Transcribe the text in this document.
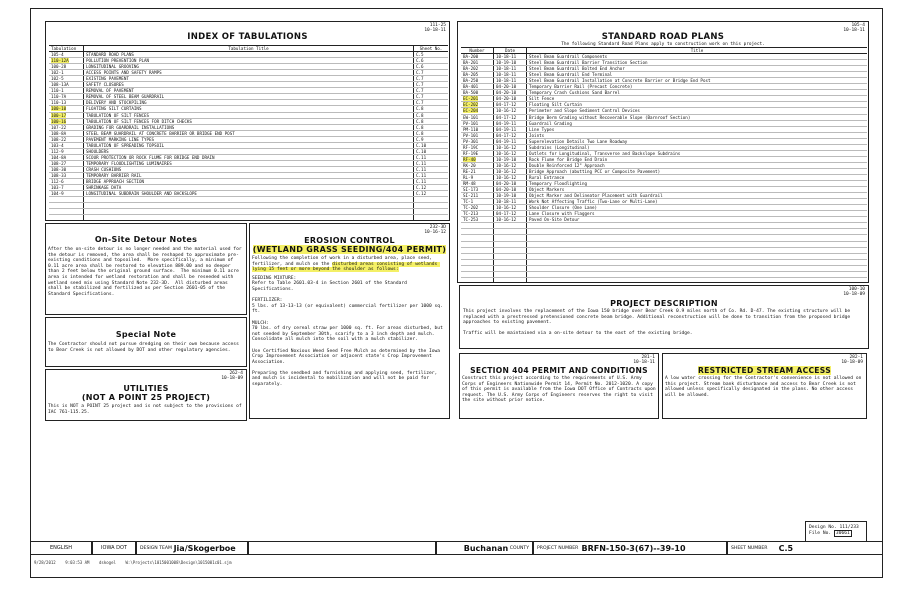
111-25
10-18-11
INDEX OF TABULATIONS
Tabulation	Tabulation Title	Sheet No.
105-4	STANDARD ROAD PLANS	C.5
110-12A	POLLUTION PREVENTION PLAN	C.6
100-28	LONGITUDINAL GROOVING	C.6
102-1	ACCESS POINTS AND SAFETY RAMPS	C.7
102-5	EXISTING PAVEMENT	C.7
108-13A	SAFETY CLOSURES	C.7
110-1	REMOVAL OF PAVEMENT	C.7
110-7A	REMOVAL OF STEEL BEAM GUARDRAIL	C.7
110-13	DELIVERY AND STOCKPILING	C.7
100-10	FLOATING SILT CURTAINS	C.8
100-17	TABULATION OF SILT FENCES	C.8
100-16	TABULATION OF SILT FENCES FOR DITCH CHECKS	C.8
107-22	GRADING FOR GUARDRAIL INSTALLATIONS	C.8
108-8A	STEEL BEAM GUARDRAIL AT CONCRETE BARRIER OR BRIDGE END POST	C.8
108-22	PAVEMENT MARKING LINE TYPES	C.9
103-4	TABULATION OF SPREADING TOPSOIL	C.10
112-9	SHOULDERS	C.10
104-8A	SCOUR PROTECTION OR ROCK FLUME FOR BRIDGE END DRAIN	C.11
108-27	TEMPORARY FLOODLIGHTING LUMINAIRES	C.11
108-30	CRASH CUSHIONS	C.11
108-33	TEMPORARY BARRIER RAIL	C.11
112-6	BRIDGE APPROACH SECTION	C.11
103-7	SHRINKAGE DATA	C.12
104-9	LONGITUDINAL SUBDRAIN SHOULDER AND BACKSLOPE	C.12

105-4
10-18-11
STANDARD ROAD PLANS
The following Standard Road Plans apply to construction work on this project.
Number	Date	Title
BA-200	10-18-11	Steel Beam Guardrail Components
BA-201	10-19-10	Steel Beam Guardrail Barrier Transition Section
BA-202	10-18-11	Steel Beam Guardrail Bolted End Anchor
BA-205	10-18-11	Steel Beam Guardrail End Terminal
BA-250	10-18-11	Steel Beam Guardrail Installation at Concrete Barrier or Bridge End Post
BA-401	04-20-10	Temporary Barrier Rail (Precast Concrete)
BA-500	04-20-10	Temporary Crash Cushions Sand Barrel
EC-201	04-20-10	Silt Fence
EC-202	04-17-12	Floating Silt Curtain
EC-204	10-16-12	Perimeter and Slope Sediment Control Devices
EW-101	04-17-12	Bridge Berm Grading without Recoverable Slope (Barnroof Section)
PV-101	04-19-11	Guardrail Grading
PM-110	04-19-11	Line Types
PV-101	04-17-12	Joints
PV-301	04-19-11	Superelevation Details Two Lane Roadway
RF-19C	10-16-12	Subdrains (Longitudinal)
RF-19E	10-16-12	Outlets for Longitudinal, Transverse and Backslope Subdrains
RF-40	10-19-10	Rock Flume for Bridge End Drain
RK-20	10-16-12	Double Reinforced 12" Approach
RE-21	10-16-12	Bridge Approach (abutting PCC or Composite Pavement)
RL-9	10-16-12	Rural Entrance
RM-48	04-20-10	Temporary Floodlighting
SI-173	04-20-10	Object Markers
SI-211	10-19-10	Object Marker and Delineator Placement with Guardrail
TC-1	10-18-11	Work Not Affecting Traffic (Two-Lane or Multi-Lane)
TC-202	10-16-12	Shoulder Closure (One Lane)
TC-213	04-17-12	Lane Closure with Flaggers
TC-253	10-16-12	Paved On-Site Detour

On-Site Detour Notes
After the on-site detour is no longer needed and the material used for the detour is removed, the area shall be reshaped to approximate pre-existing conditions and topsoiled.  More specifically, a minimum of 0.11 acre area shall be restored to elevation 889.00 and no deeper than 2 feet below the original ground surface.  The minimum 0.11 acre area is intended for wetland restoration and shall be reseeded with wetland seed mix using Standard Note 232-3D.  All disturbed areas shall be stabilized and fertilized as per Section 2601-05 of the Standard Specifications.
Special Note
The Contractor should not pursue dredging on their own because access to Bear Creek is not allowed by DOT and other regulatory agencies.
262-4
10-18-09
UTILITIES
(NOT A POINT 25 PROJECT)
This is NOT a POINT 25 project and is not subject to the provisions of IAC 761-115.25.
232-3D
10-16-12
EROSION CONTROL
(WETLAND GRASS SEEDING/404 PERMIT)
Following the completion of work in a disturbed area, place seed, fertilizer, and mulch on the disturbed areas consisting of wetlands lying 15 feet or more beyond the shoulder as follows:
SEEDING MIXTURE:
Refer to Table 2601.03-4 in Section 2601 of the Standard Specifications.

FERTILIZER:
5 lbs. of 13-13-13 (or equivalent) commercial fertilizer per 1000 sq. ft.

MULCH:
70 lbs. of dry cereal straw per 1000 sq. ft. For areas disturbed, but not seeded by September 30th, scarify to a 3 inch depth and mulch. Consolidate all mulch into the soil with a mulch stabilizer.

Use Certified Noxious Weed Seed Free Mulch as determined by the Iowa Crop Improvement Association or adjacent state's Crop Improvement Association.

Preparing the seedbed and furnishing and applying seed, fertilizer, and mulch is incidental to mobilization and will not be paid for separately.
100-10
10-18-09
PROJECT DESCRIPTION
This project involves the replacement of the Iowa 150 bridge over Bear Creek 0.9 miles north of Co. Rd. D-47. The existing structure will be replaced with a prestressed pretensioned concrete beam bridge. Additional reconstruction will be done to transition from the proposed bridge approaches to existing pavement.

Traffic will be maintained via a on-site detour to the east of the existing bridge.
281-1
10-18-11
SECTION 404 PERMIT AND CONDITIONS
Construct this project according to the requirements of U.S. Army Corps of Engineers Nationwide Permit 14, Permit No. 2012-1020. A copy of this permit is available from the Iowa DOT Office of Contracts upon request. The U.S. Army Corps of Engineers reserves the right to visit the site without prior notice.
282-1
10-18-09
RESTRICTED STREAM ACCESS
A low water crossing for the Contractor's convenience is not allowed on this project. Stream bank disturbance and access to Bear Creek is not allowed unless specifically designated in the plans. No other access will be allowed.
Design No. 111/233
File No. 30661
ENGLISH	IOWA DOT	DESIGN TEAM
Jia/Skogerboe	Buchanan
COUNTY PROJECT NUMBER
BRFN-150-3(67)--39-10	SHEET NUMBER
C.5
9/28/2012    9:03:53 AM    dskogel    W:\Projects\1015001008\Design\1015001c01.sjm
